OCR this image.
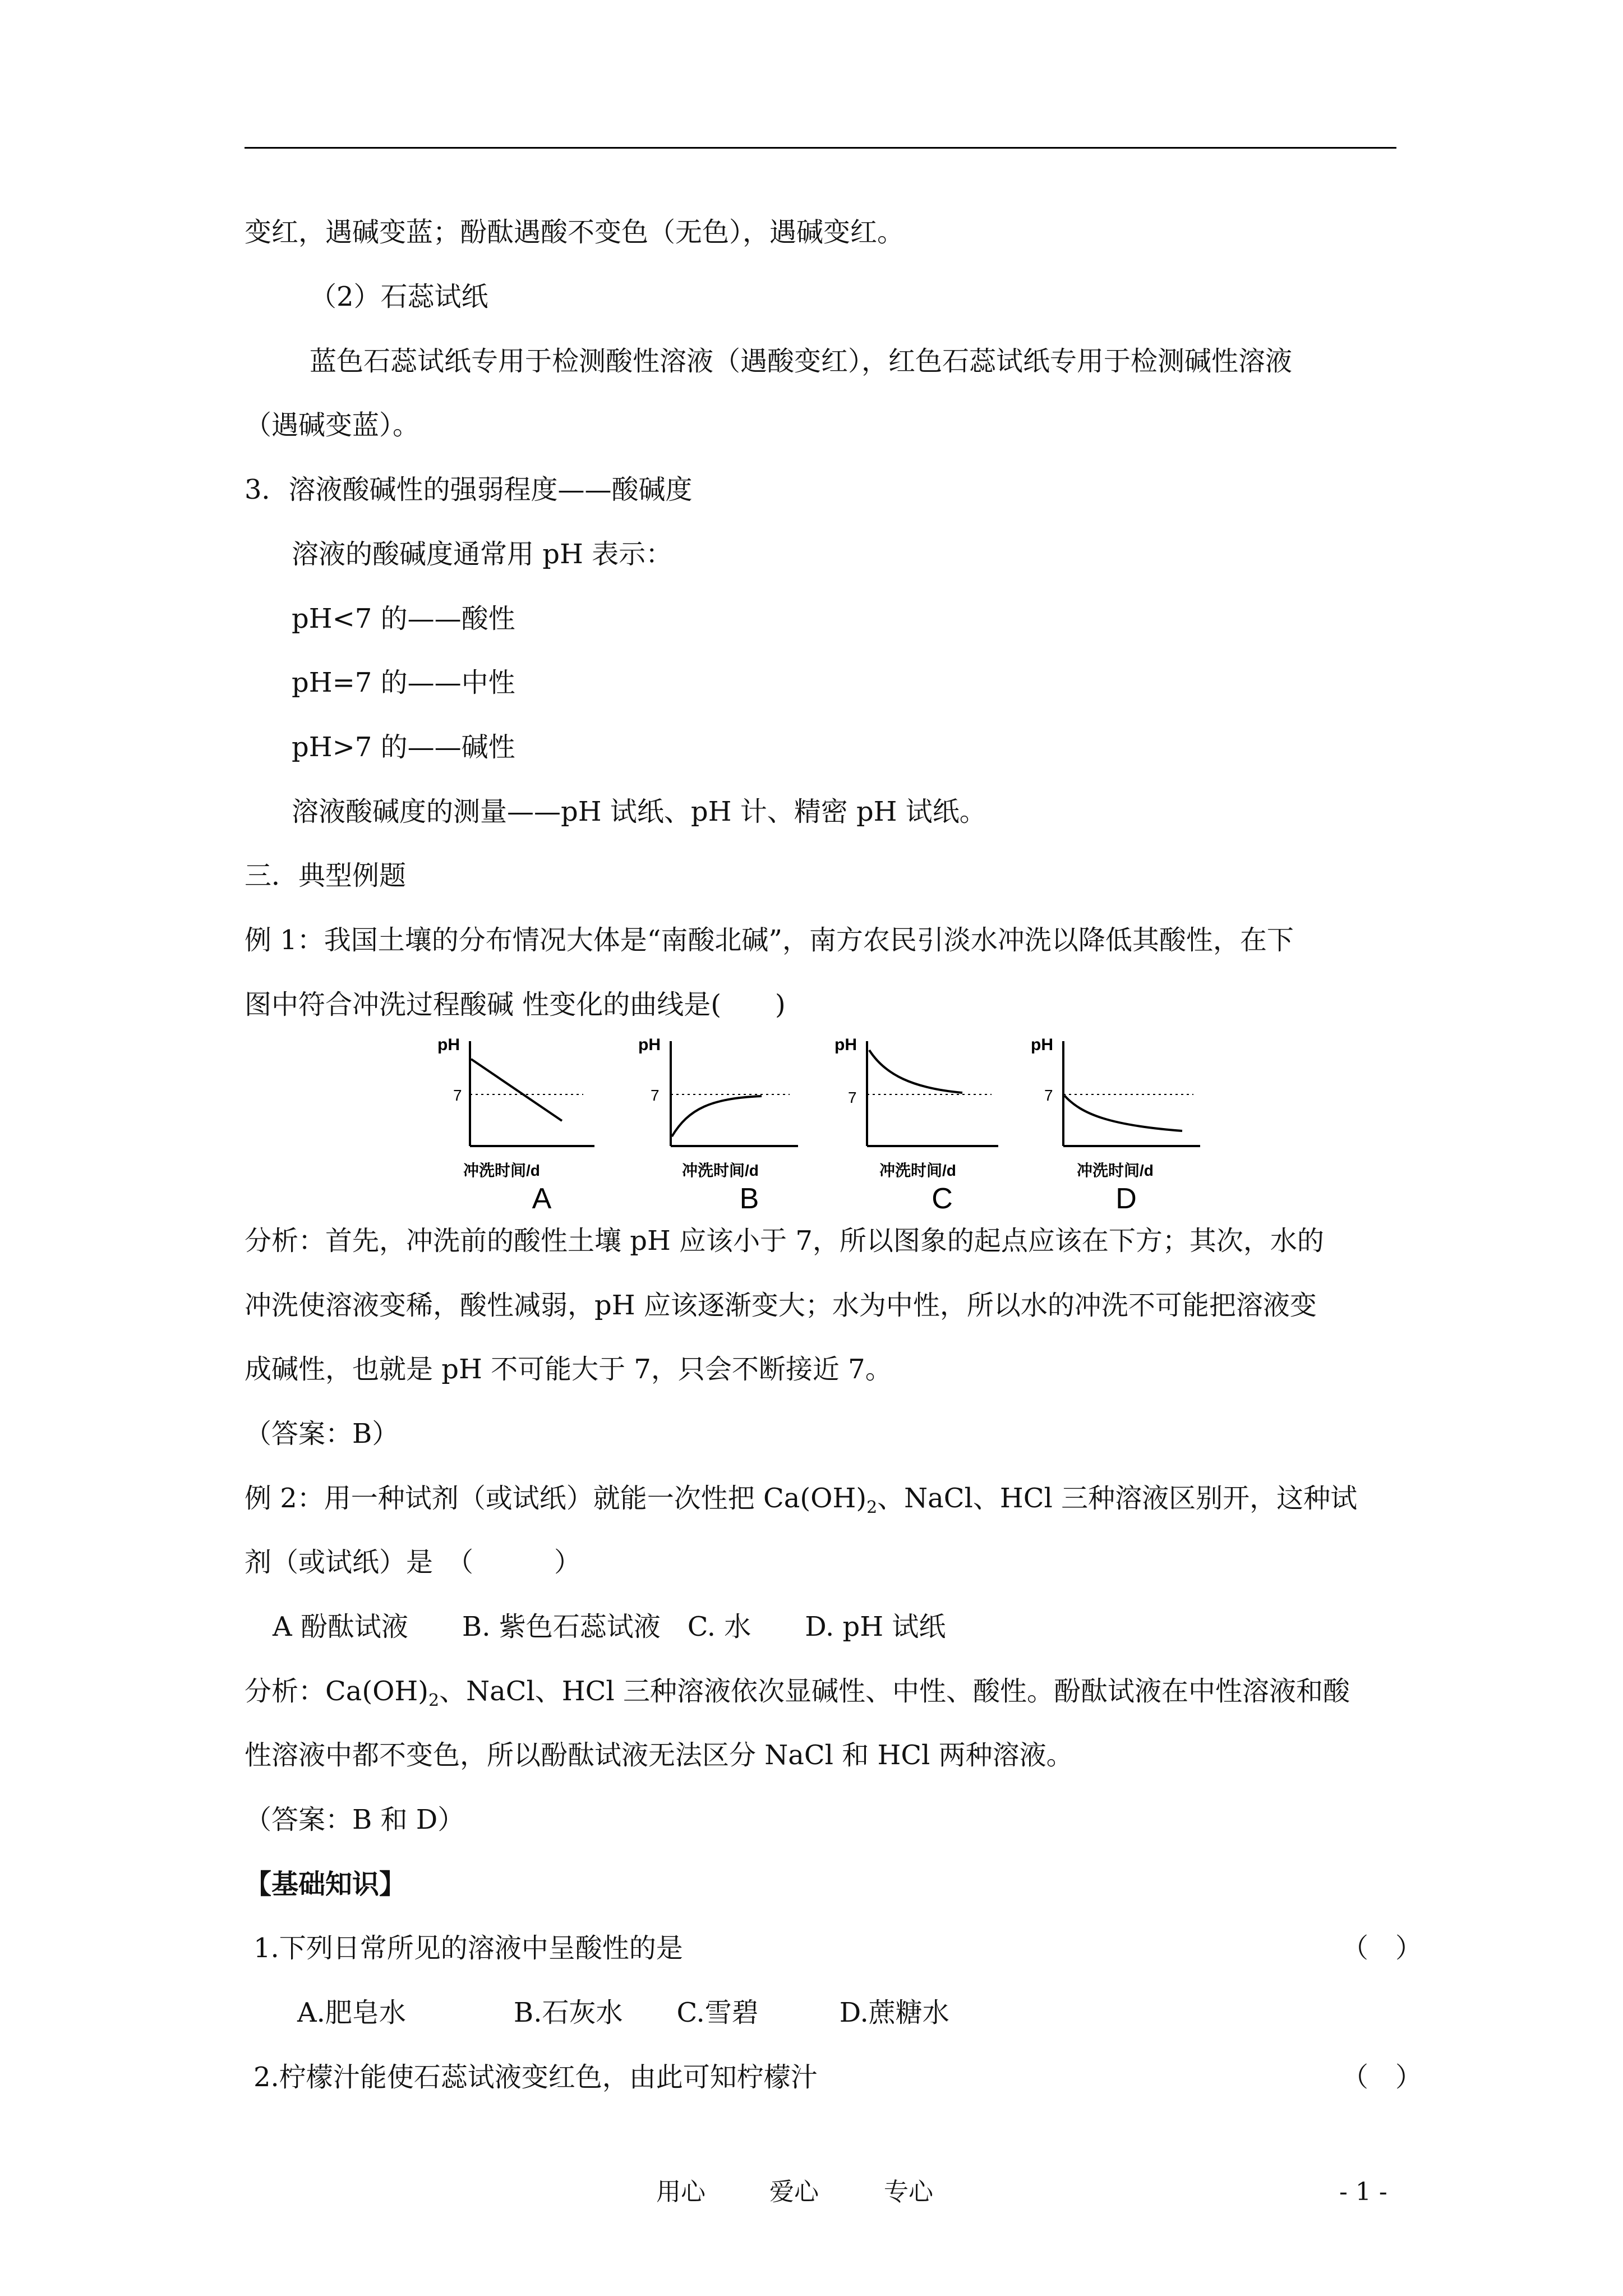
变红，遇碱变蓝；酚酞遇酸不变色（无色），遇碱变红。
（2）石蕊试纸
蓝色石蕊试纸专用于检测酸性溶液（遇酸变红），红色石蕊试纸专用于检测碱性溶液
（遇碱变蓝）。
3．溶液酸碱性的强弱程度——酸碱度
溶液的酸碱度通常用 pH 表示：
pH<7 的——酸性
pH=7 的——中性
pH>7 的——碱性
溶液酸碱度的测量——pH 试纸、pH 计、精密 pH 试纸。
三．典型例题
例 1：我国土壤的分布情况大体是“南酸北碱”，南方农民引淡水冲洗以降低其酸性，在下
图中符合冲洗过程酸碱 性变化的曲线是(　　)
pH
7
冲洗时间/d
A
pH
7
冲洗时间/d
B
pH
7
冲洗时间/d
C
pH
7
冲洗时间/d
D
分析：首先，冲洗前的酸性土壤 pH 应该小于 7，所以图象的起点应该在下方；其次，水的
冲洗使溶液变稀，酸性减弱，pH 应该逐渐变大；水为中性，所以水的冲洗不可能把溶液变
成碱性，也就是 pH 不可能大于 7，只会不断接近 7。
（答案：B）
例 2：用一种试剂（或试纸）就能一次性把 $Ca(OH)_2$、NaCl、HCl 三种溶液区别开，这种试
剂（或试纸）是　（　　　）
A 酚酞试液　　B. 紫色石蕊试液　C. 水　　D. pH 试纸
分析：$Ca(OH)_2$、NaCl、HCl 三种溶液依次显碱性、中性、酸性。酚酞试液在中性溶液和酸
性溶液中都不变色，所以酚酞试液无法区分 NaCl 和 HCl 两种溶液。
（答案：B 和 D）
【基础知识】
1.下列日常所见的溶液中呈酸性的是	（　）
A.肥皂水　　　　B.石灰水　　C.雪碧　　　D.蔗糖水
2.柠檬汁能使石蕊试液变红色，由此可知柠檬汁	（　）
用心	爱心	专心	- 1 -
